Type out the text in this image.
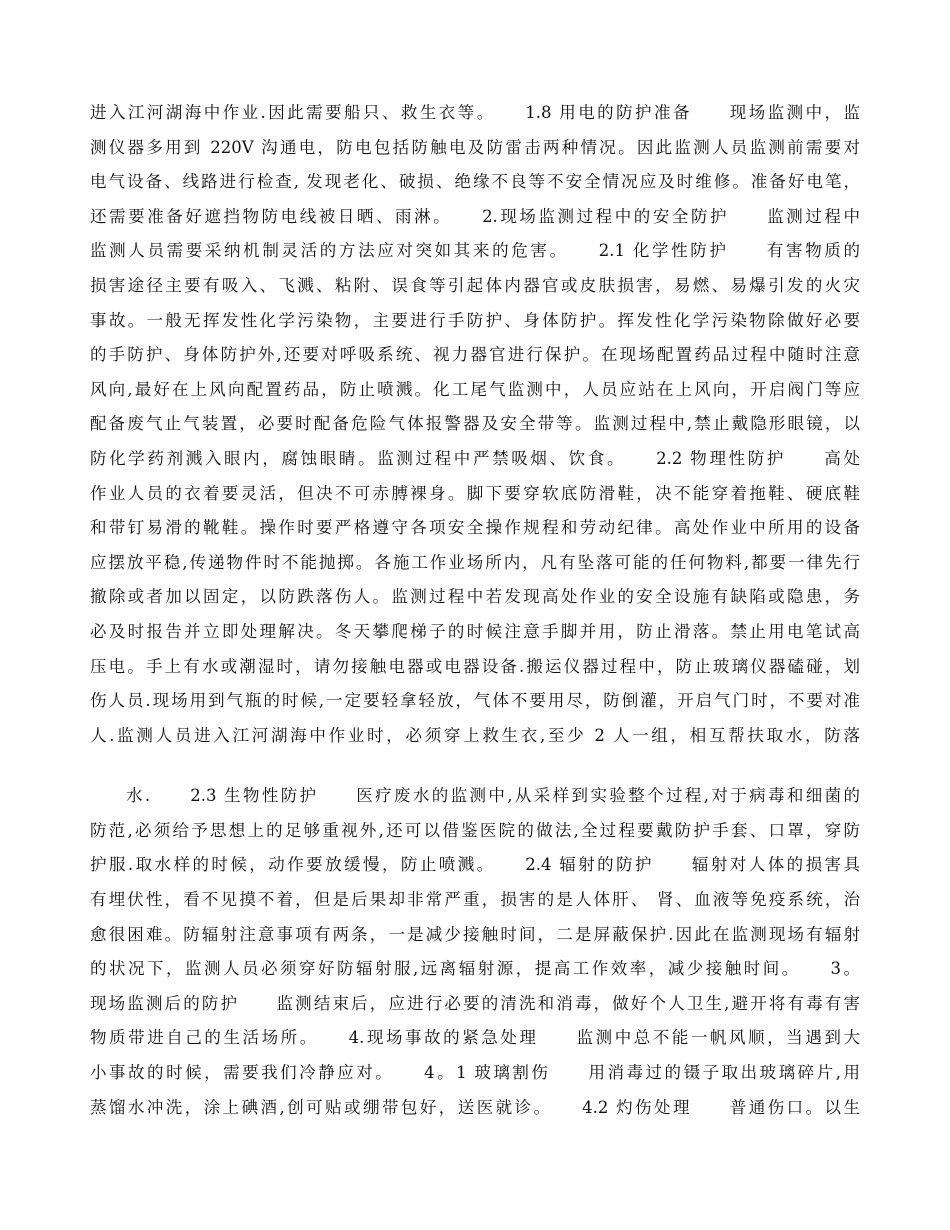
进入江河湖海中作业.因此需要船只、救生衣等。　　1.8 用电的防护准备　　现场监测中，监
测仪器多用到 220V 沟通电，防电包括防触电及防雷击两种情况。因此监测人员监测前需要对
电气设备、线路进行检查, 发现老化、破损、绝缘不良等不安全情况应及时维修。准备好电笔，
还需要准备好遮挡物防电线被日晒、雨淋。　　2.现场监测过程中的安全防护　　监测过程中
监测人员需要采纳机制灵活的方法应对突如其来的危害。　　2.1 化学性防护　　有害物质的
损害途径主要有吸入、飞溅、粘附、误食等引起体内器官或皮肤损害，易燃、易爆引发的火灾
事故。一般无挥发性化学污染物，主要进行手防护、身体防护。挥发性化学污染物除做好必要
的手防护、身体防护外,还要对呼吸系统、视力器官进行保护。在现场配置药品过程中随时注意
风向,最好在上风向配置药品，防止喷溅。化工尾气监测中，人员应站在上风向，开启阀门等应
配备废气止气装置，必要时配备危险气体报警器及安全带等。监测过程中,禁止戴隐形眼镜，以
防化学药剂溅入眼内，腐蚀眼睛。监测过程中严禁吸烟、饮食。　　2.2 物理性防护　　高处
作业人员的衣着要灵活，但决不可赤膊裸身。脚下要穿软底防滑鞋，决不能穿着拖鞋、硬底鞋
和带钉易滑的靴鞋。操作时要严格遵守各项安全操作规程和劳动纪律。高处作业中所用的设备
应摆放平稳,传递物件时不能抛掷。各施工作业场所内，凡有坠落可能的任何物料,都要一律先行
撤除或者加以固定，以防跌落伤人。监测过程中若发现高处作业的安全设施有缺陷或隐患，务
必及时报告并立即处理解决。冬天攀爬梯子的时候注意手脚并用，防止滑落。禁止用电笔试高
压电。手上有水或潮湿时，请勿接触电器或电器设备.搬运仪器过程中，防止玻璃仪器磕碰，划
伤人员.现场用到气瓶的时候,一定要轻拿轻放，气体不要用尽，防倒灌，开启气门时，不要对准
人.监测人员进入江河湖海中作业时，必须穿上救生衣,至少 2 人一组，相互帮扶取水，防落
水.　　2.3 生物性防护　　医疗废水的监测中,从采样到实验整个过程,对于病毒和细菌的
防范,必须给予思想上的足够重视外,还可以借鉴医院的做法,全过程要戴防护手套、口罩，穿防
护服.取水样的时候，动作要放缓慢，防止喷溅。　　2.4 辐射的防护　　辐射对人体的损害具
有埋伏性，看不见摸不着，但是后果却非常严重，损害的是人体肝、 肾、血液等免疫系统，治
愈很困难。防辐射注意事项有两条，一是减少接触时间，二是屏蔽保护.因此在监测现场有辐射
的状况下，监测人员必须穿好防辐射服,远离辐射源，提高工作效率，减少接触时间。　　3。
现场监测后的防护　　监测结束后，应进行必要的清洗和消毒，做好个人卫生,避开将有毒有害
物质带进自己的生活场所。　　4.现场事故的紧急处理　　监测中总不能一帆风顺，当遇到大
小事故的时候，需要我们冷静应对。　　4。1 玻璃割伤　　用消毒过的镊子取出玻璃碎片,用
蒸馏水冲洗，涂上碘酒,创可贴或绷带包好，送医就诊。　　4.2 灼伤处理　　普通伤口。以生
